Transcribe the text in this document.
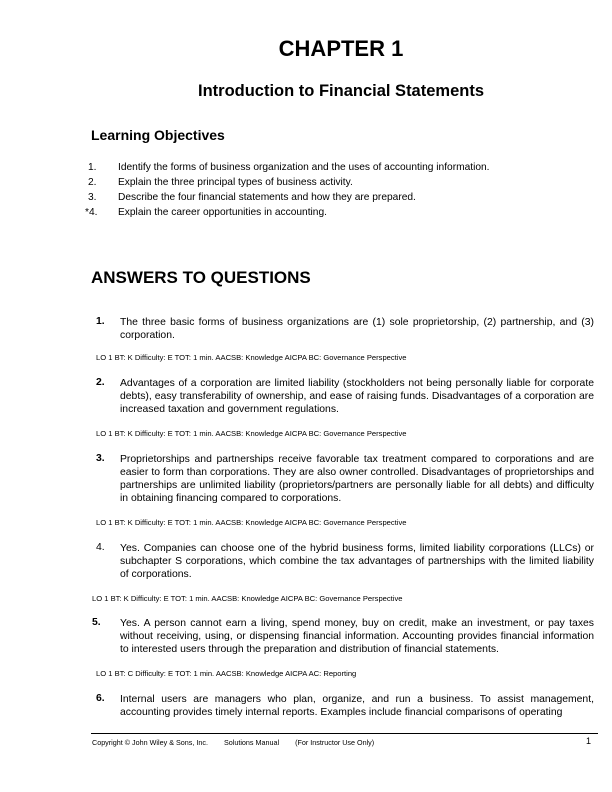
CHAPTER 1
Introduction to Financial Statements
Learning Objectives
1.	Identify the forms of business organization and the uses of accounting information.
2.	Explain the three principal types of business activity.
3.	Describe the four financial statements and how they are prepared.
*4.	Explain the career opportunities in accounting.
ANSWERS TO QUESTIONS
1. The three basic forms of business organizations are (1) sole proprietorship, (2) partnership, and (3) corporation.
LO 1 BT: K Difficulty: E TOT: 1 min. AACSB: Knowledge AICPA BC: Governance Perspective
2. Advantages of a corporation are limited liability (stockholders not being personally liable for corporate debts), easy transferability of ownership, and ease of raising funds. Disadvantages of a corporation are increased taxation and government regulations.
LO 1 BT: K Difficulty: E TOT: 1 min. AACSB: Knowledge AICPA BC: Governance Perspective
3. Proprietorships and partnerships receive favorable tax treatment compared to corporations and are easier to form than corporations. They are also owner controlled. Disadvantages of proprietorships and partnerships are unlimited liability (proprietors/partners are personally liable for all debts) and difficulty in obtaining financing compared to corporations.
LO 1 BT: K Difficulty: E TOT: 1 min. AACSB: Knowledge AICPA BC: Governance Perspective
4. Yes. Companies can choose one of the hybrid business forms, limited liability corporations (LLCs) or subchapter S corporations, which combine the tax advantages of partnerships with the limited liability of corporations.
LO 1 BT: K Difficulty: E TOT: 1 min. AACSB: Knowledge AICPA BC: Governance Perspective
5. Yes. A person cannot earn a living, spend money, buy on credit, make an investment, or pay taxes without receiving, using, or dispensing financial information. Accounting provides financial information to interested users through the preparation and distribution of financial statements.
LO 1 BT: C Difficulty: E TOT: 1 min. AACSB: Knowledge AICPA AC: Reporting
6. Internal users are managers who plan, organize, and run a business. To assist management, accounting provides timely internal reports. Examples include financial comparisons of operating
Copyright © John Wiley & Sons, Inc. Solutions Manual (For Instructor Use Only)	1
